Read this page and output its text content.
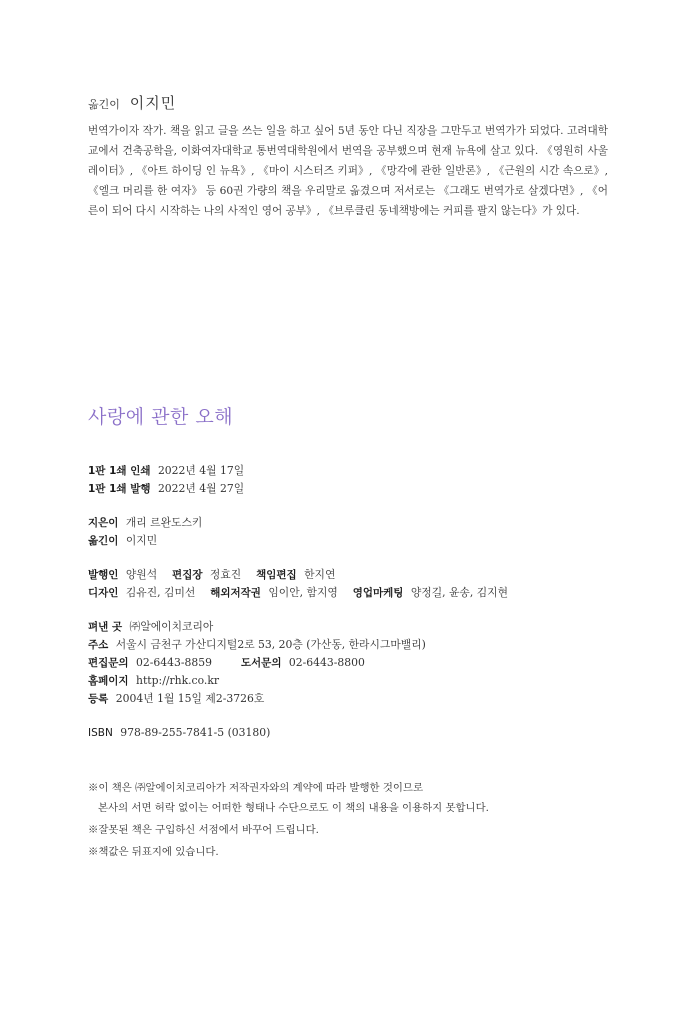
옮긴이 이지민

번역가이자 작가. 책을 읽고 글을 쓰는 일을 하고 싶어 5년 동안 다닌 직장을 그만두고 번역가가 되었다. 고려대학교에서 건축공학을, 이화여자대학교 통번역대학원에서 번역을 공부했으며 현재 뉴욕에 살고 있다. 《영원히 사울 레이터》, 《아트 하이딩 인 뉴욕》, 《마이 시스터즈 키퍼》, 《망각에 관한 일반론》, 《근원의 시간 속으로》, 《엘크 머리를 한 여자》 등 60권 가량의 책을 우리말로 옮겼으며 저서로는 《그래도 번역가로 살겠다면》, 《어른이 되어 다시 시작하는 나의 사적인 영어 공부》, 《브루클린 동네책방에는 커피를 팔지 않는다》가 있다.

사랑에 관한 오해
1판 1쇄 인쇄 2022년 4월 17일
1판 1쇄 발행 2022년 4월 27일
지은이 개리 르완도스키
옮긴이 이지민
발행인 양원석 편집장 정효진 책임편집 한지연
디자인 김유진, 김미선 해외저작권 임이안, 함지영 영업마케팅 양정길, 윤송, 김지현
펴낸 곳 ㈜알에이치코리아
주소 서울시 금천구 가산디지털2로 53, 20층 (가산동, 한라시그마밸리)
편집문의 02-6443-8859	도서문의 02-6443-8800
홈페이지 http://rhk.co.kr
등록 2004년 1월 15일 제2-3726호
ISBN 978-89-255-7841-5 (03180)
※이 책은 ㈜알에이치코리아가 저작권자와의 계약에 따라 발행한 것이므로
본사의 서면 허락 없이는 어떠한 형태나 수단으로도 이 책의 내용을 이용하지 못합니다.
※잘못된 책은 구입하신 서점에서 바꾸어 드립니다.
※책값은 뒤표지에 있습니다.
